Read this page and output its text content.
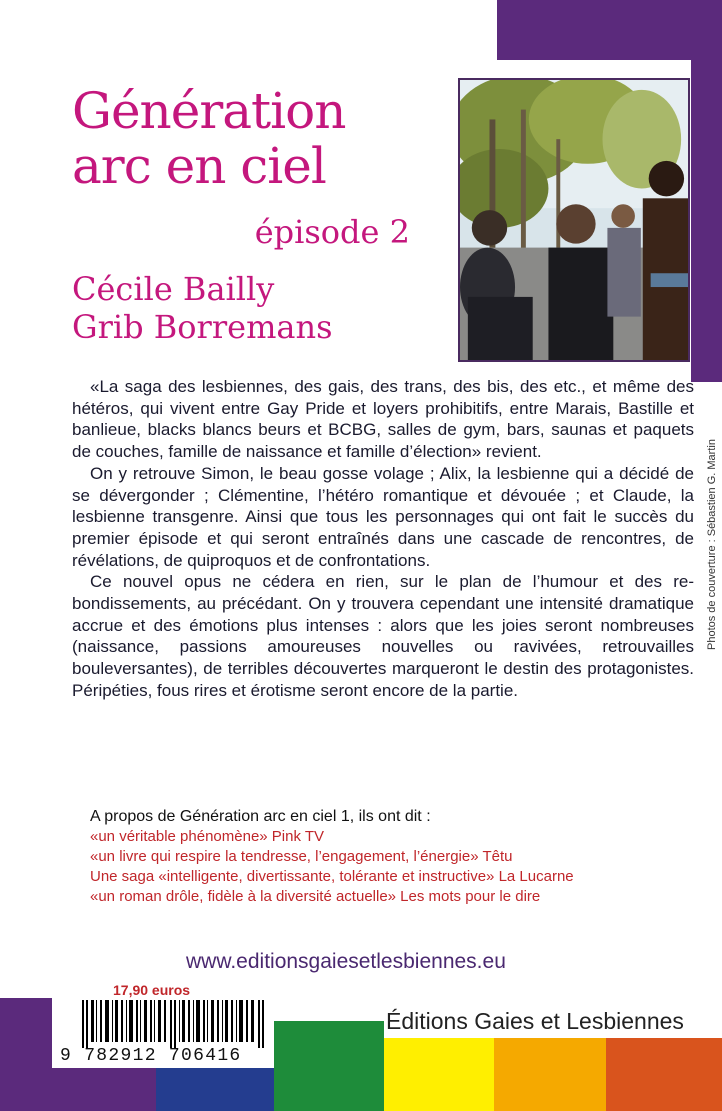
Génération
arc en ciel
épisode 2
Cécile Bailly
Grib Borremans
Photos de couverture : Sébastien G. Martin

«La saga des lesbiennes, des gais, des trans, des bis, des etc., et même des hétéros, qui vivent entre Gay Pride et loyers prohibitifs, entre Marais, Bastille et banlieue, blacks blancs beurs et BCBG, salles de gym, bars, saunas et paquets de couches, famille de naissance et famille d’élection» revient.

On y retrouve Simon, le beau gosse volage ; Alix, la lesbienne qui a décidé de se dévergonder ; Clémentine, l’hétéro romantique et dévouée ; et Claude, la lesbienne transgenre. Ainsi que tous les personnages qui ont fait le succès du premier épisode et qui seront entraînés dans une cascade de rencontres, de révélations, de quiproquos et de confrontations.

Ce nouvel opus ne cédera en rien, sur le plan de l’humour et des rebondissements, au précédant. On y trouvera cependant une intensité dramatique accrue et des émotions plus intenses : alors que les joies seront nombreuses (naissance, passions amoureuses nouvelles ou ravivées, retrouvailles bouleversantes), de terribles découvertes marqueront le destin des protagonistes. Péripéties, fous rires et érotisme seront encore de la partie.

A propos de Génération arc en ciel 1, ils ont dit :
«un véritable phénomène» Pink TV
«un livre qui respire la tendresse, l’engagement, l’énergie» Têtu
Une saga «intelligente, divertissante, tolérante et instructive» La Lucarne
«un roman drôle, fidèle à la diversité actuelle» Les mots pour le dire
www.editionsgaiesetlesbiennes.eu
17,90 euros
9 782912 706416
Éditions Gaies et Lesbiennes
